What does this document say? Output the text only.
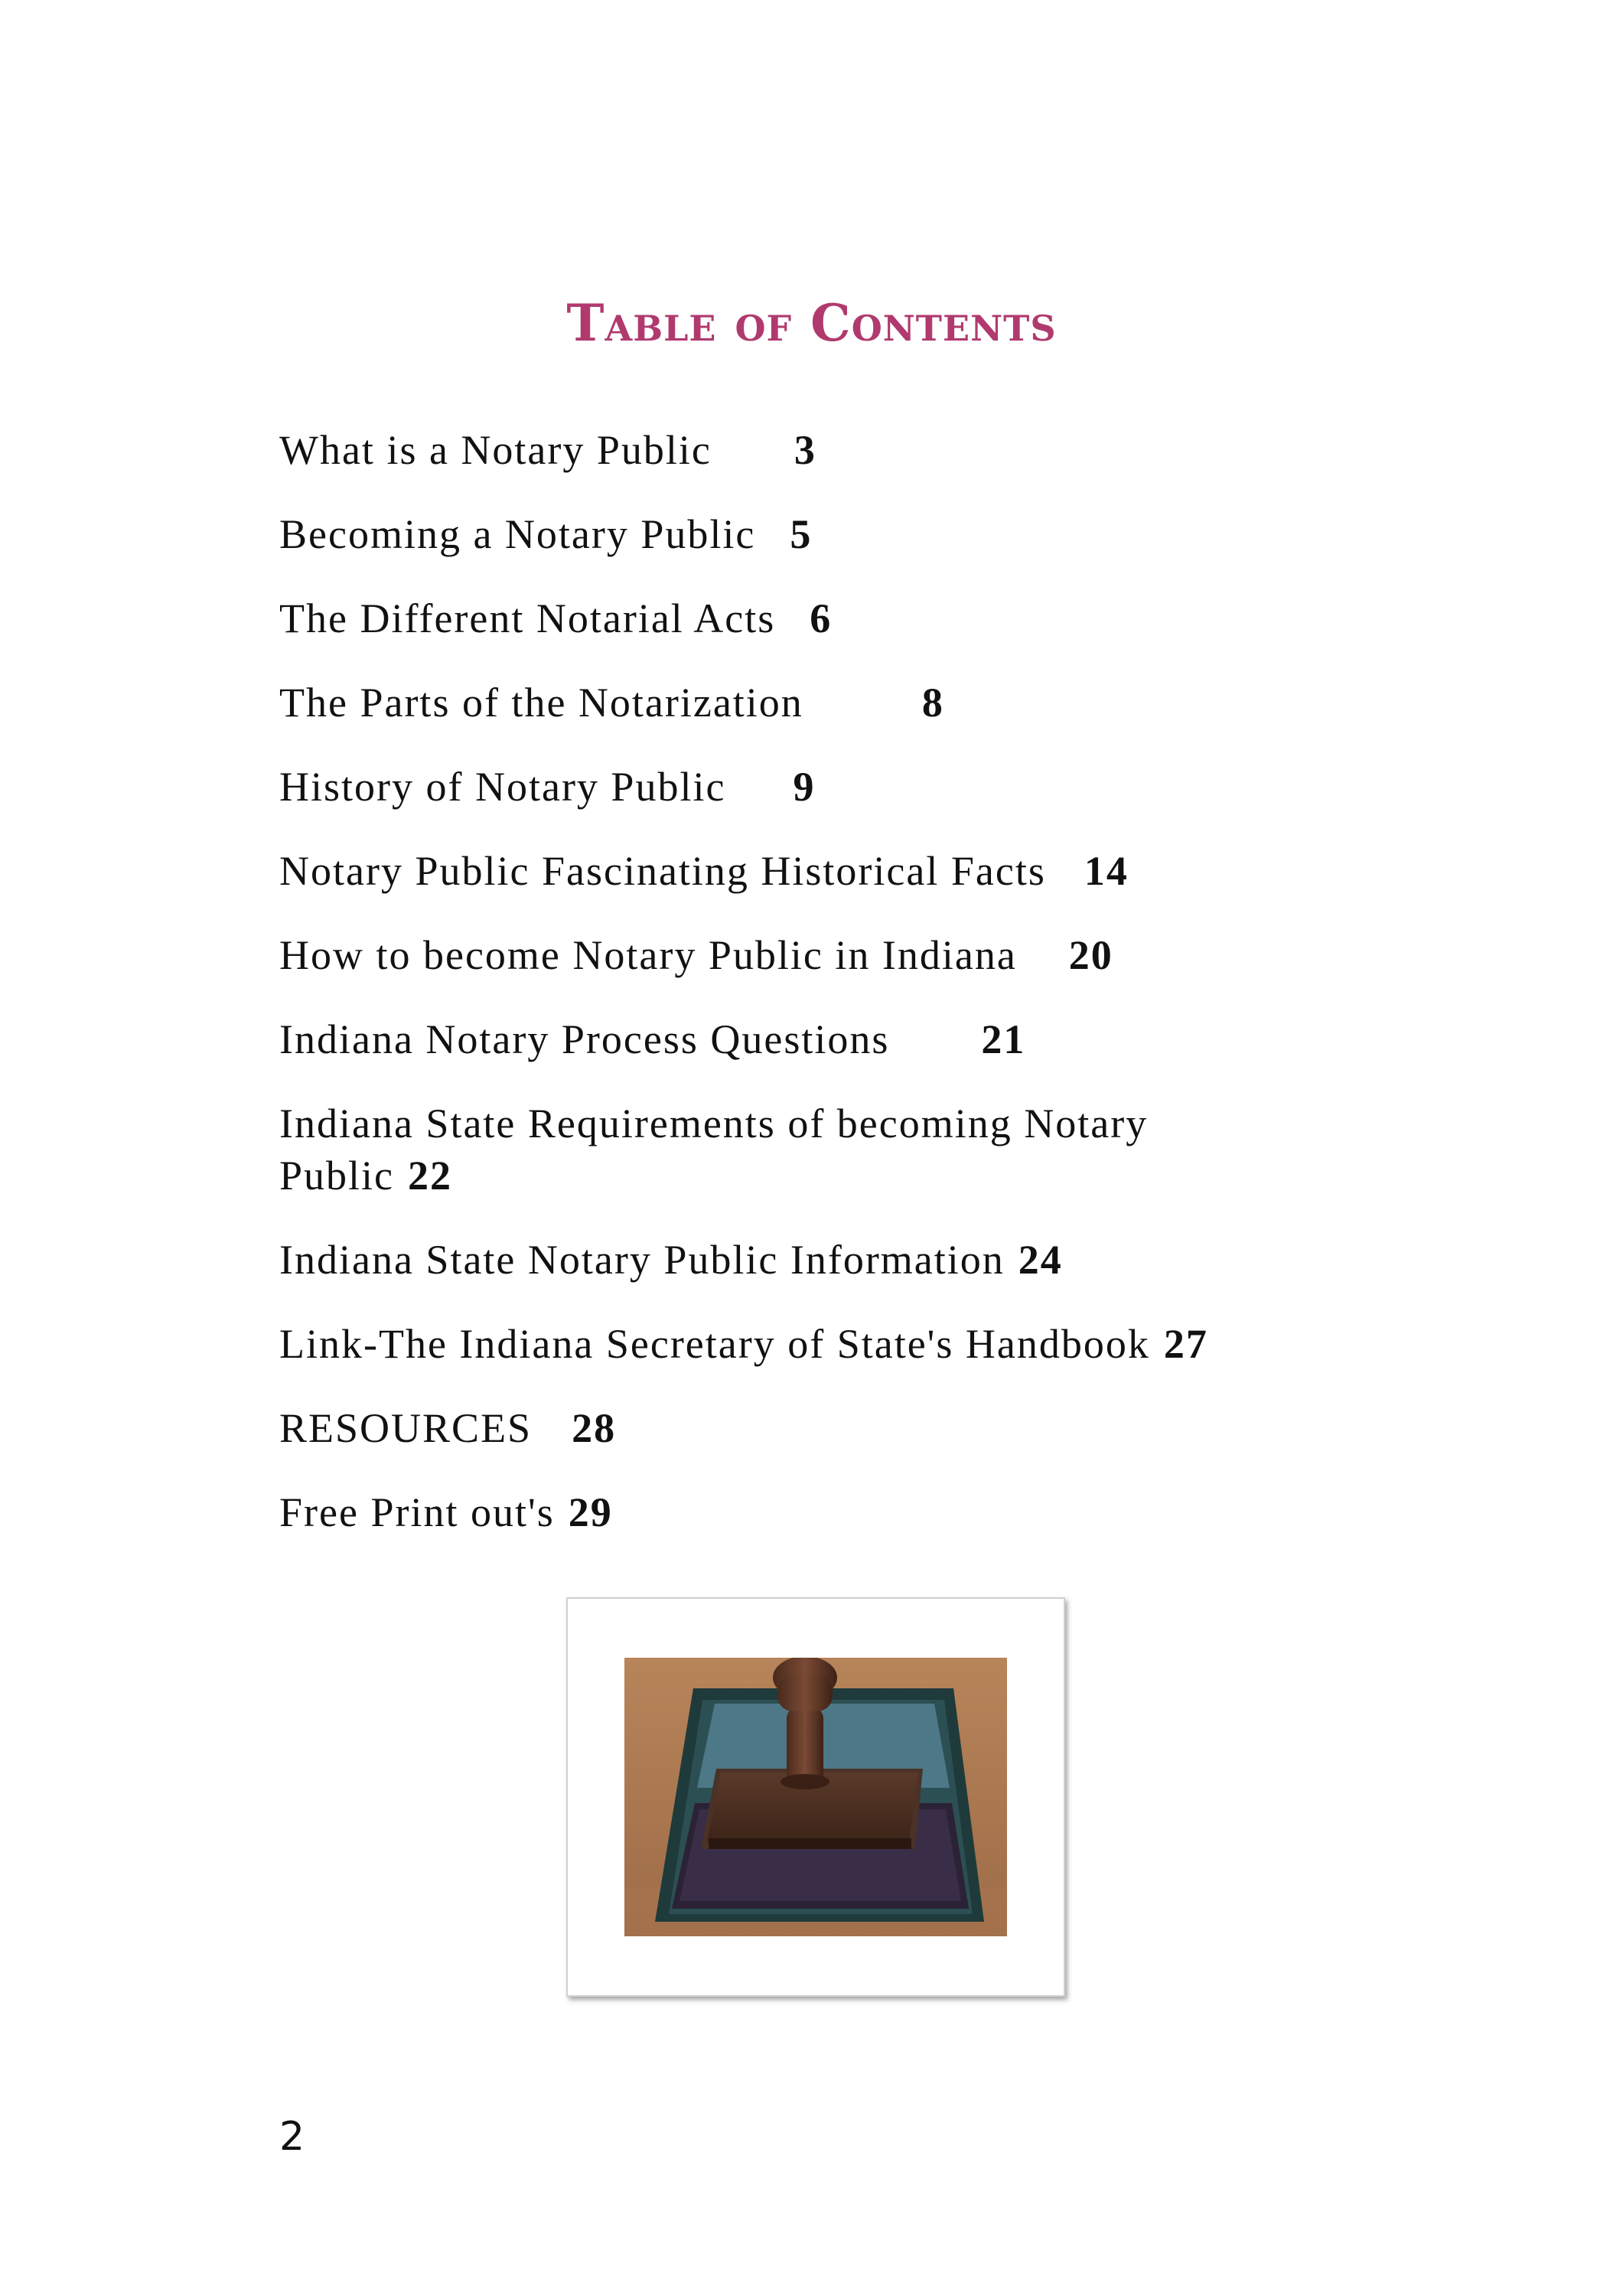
Table of Contents
What is a Notary Public 3
Becoming a Notary Public 5
The Different Notarial Acts 6
The Parts of the Notarization	8
History of Notary Public 9
Notary Public Fascinating Historical Facts 14
How to become Notary Public in Indiana 20
Indiana Notary Process Questions 21
Indiana State Requirements of becoming Notary
Public 22
Indiana State Notary Public Information 24
Link-The Indiana Secretary of State's Handbook 27
RESOURCES 28
Free Print out's 29
2
